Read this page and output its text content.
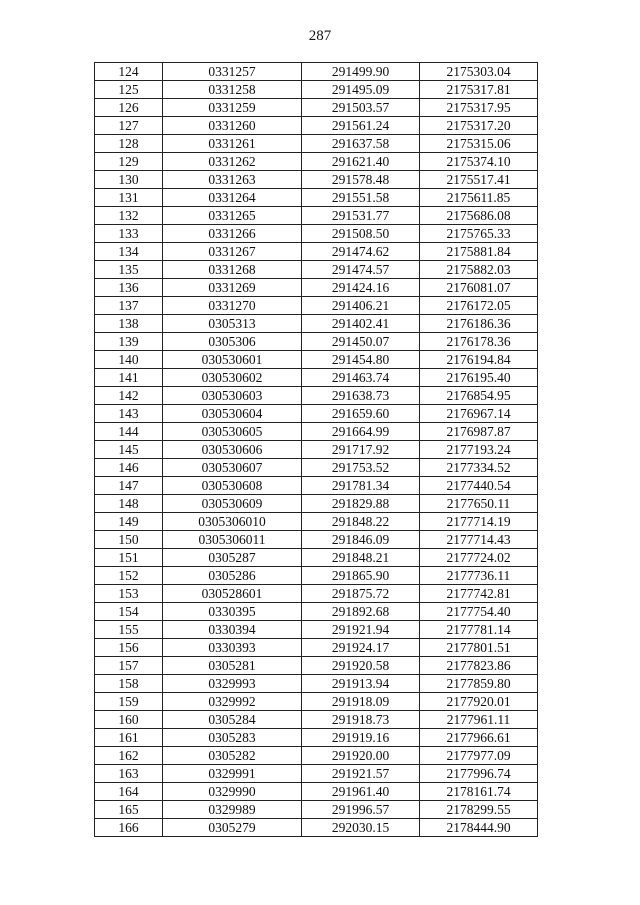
287
124	0331257	291499.90	2175303.04
125	0331258	291495.09	2175317.81
126	0331259	291503.57	2175317.95
127	0331260	291561.24	2175317.20
128	0331261	291637.58	2175315.06
129	0331262	291621.40	2175374.10
130	0331263	291578.48	2175517.41
131	0331264	291551.58	2175611.85
132	0331265	291531.77	2175686.08
133	0331266	291508.50	2175765.33
134	0331267	291474.62	2175881.84
135	0331268	291474.57	2175882.03
136	0331269	291424.16	2176081.07
137	0331270	291406.21	2176172.05
138	0305313	291402.41	2176186.36
139	0305306	291450.07	2176178.36
140	030530601	291454.80	2176194.84
141	030530602	291463.74	2176195.40
142	030530603	291638.73	2176854.95
143	030530604	291659.60	2176967.14
144	030530605	291664.99	2176987.87
145	030530606	291717.92	2177193.24
146	030530607	291753.52	2177334.52
147	030530608	291781.34	2177440.54
148	030530609	291829.88	2177650.11
149	0305306010	291848.22	2177714.19
150	0305306011	291846.09	2177714.43
151	0305287	291848.21	2177724.02
152	0305286	291865.90	2177736.11
153	030528601	291875.72	2177742.81
154	0330395	291892.68	2177754.40
155	0330394	291921.94	2177781.14
156	0330393	291924.17	2177801.51
157	0305281	291920.58	2177823.86
158	0329993	291913.94	2177859.80
159	0329992	291918.09	2177920.01
160	0305284	291918.73	2177961.11
161	0305283	291919.16	2177966.61
162	0305282	291920.00	2177977.09
163	0329991	291921.57	2177996.74
164	0329990	291961.40	2178161.74
165	0329989	291996.57	2178299.55
166	0305279	292030.15	2178444.90
